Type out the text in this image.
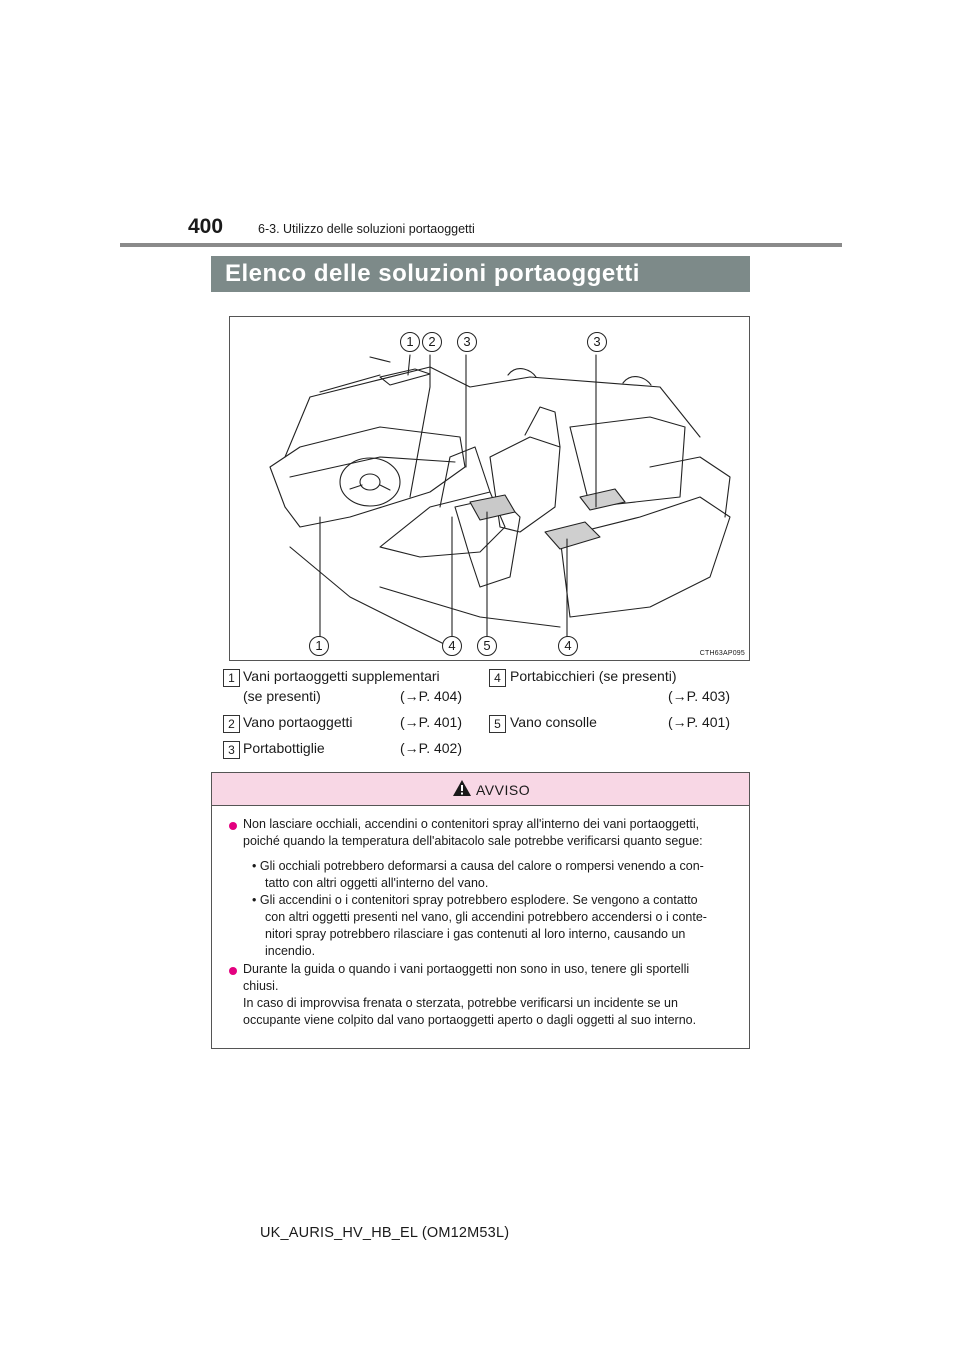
400	6-3. Utilizzo delle soluzioni portaoggetti
Elenco delle soluzioni portaoggetti
1	2	3	3
1	4	5	4
CTH63AP095
1 Vani portaoggetti supplementari
(se presenti)	(→P. 404)
2 Vano portaoggetti	(→P. 401)
3 Portabottiglie	(→P. 402)
4 Portabicchieri (se presenti)
(→P. 403)
5 Vano consolle	(→P. 401)
AVVISO
Non lasciare occhiali, accendini o contenitori spray all'interno dei vani portaoggetti,
poiché quando la temperatura dell'abitacolo sale potrebbe verificarsi quanto segue:
• Gli occhiali potrebbero deformarsi a causa del calore o rompersi venendo a con-
tatto con altri oggetti all'interno del vano.
• Gli accendini o i contenitori spray potrebbero esplodere. Se vengono a contatto
con altri oggetti presenti nel vano, gli accendini potrebbero accendersi o i conte-
nitori spray potrebbero rilasciare i gas contenuti al loro interno, causando un
incendio.
Durante la guida o quando i vani portaoggetti non sono in uso, tenere gli sportelli
chiusi.
In caso di improvvisa frenata o sterzata, potrebbe verificarsi un incidente se un
occupante viene colpito dal vano portaoggetti aperto o dagli oggetti al suo interno.
UK_AURIS_HV_HB_EL (OM12M53L)
